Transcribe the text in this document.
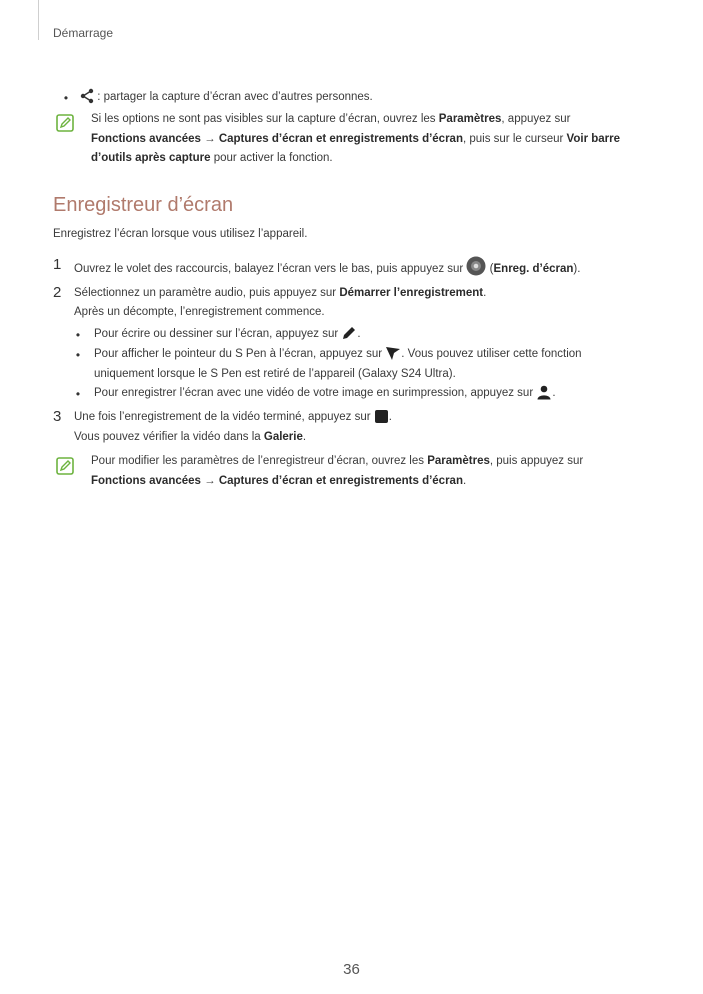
Démarrage
•	: partager la capture d’écran avec d’autres personnes.
Si les options ne sont pas visibles sur la capture d’écran, ouvrez les Paramètres, appuyez sur
Fonctions avancées → Captures d’écran et enregistrements d’écran, puis sur le curseur Voir barre
d’outils après capture pour activer la fonction.
Enregistreur d’écran
Enregistrez l’écran lorsque vous utilisez l’appareil.
1 Ouvrez le volet des raccourcis, balayez l’écran vers le bas, puis appuyez sur  (Enreg. d’écran).
2 Sélectionnez un paramètre audio, puis appuyez sur Démarrer l’enregistrement.
Après un décompte, l’enregistrement commence.
• Pour écrire ou dessiner sur l’écran, appuyez sur .
• Pour afficher le pointeur du S Pen à l’écran, appuyez sur . Vous pouvez utiliser cette fonction
uniquement lorsque le S Pen est retiré de l’appareil (Galaxy S24 Ultra).
• Pour enregistrer l’écran avec une vidéo de votre image en surimpression, appuyez sur .
3 Une fois l’enregistrement de la vidéo terminé, appuyez sur .
Vous pouvez vérifier la vidéo dans la Galerie.
Pour modifier les paramètres de l’enregistreur d’écran, ouvrez les Paramètres, puis appuyez sur
Fonctions avancées → Captures d’écran et enregistrements d’écran.
36
